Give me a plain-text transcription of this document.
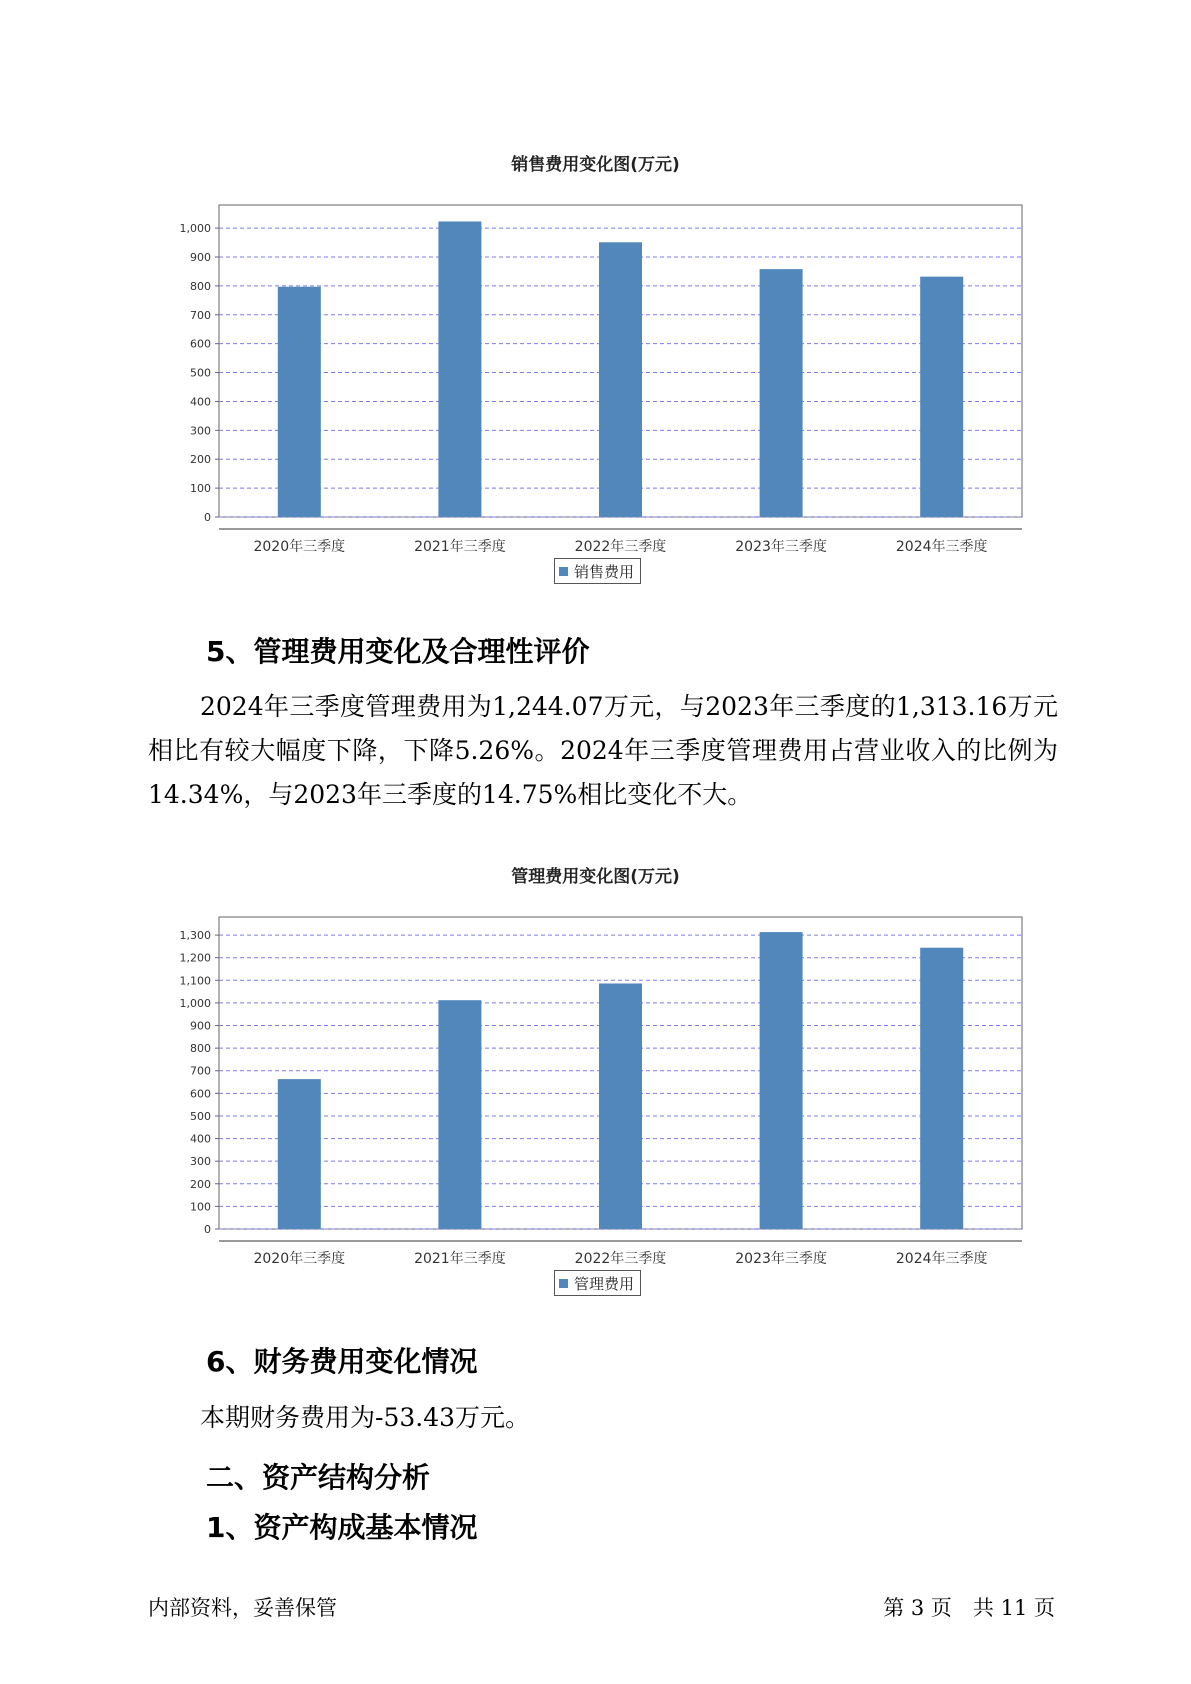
销售费用变化图(万元)
0
100
200
300
400
500
600
700
800
900
1,000
2020年三季度	2021年三季度	2022年三季度	2023年三季度	2024年三季度
销售费用
5、管理费用变化及合理性评价
2024年三季度管理费用为1,244.07万元，与2023年三季度的1,313.16万元相比有较大幅度下降，下降5.26%。2024年三季度管理费用占营业收入的比例为14.34%，与2023年三季度的14.75%相比变化不大。
管理费用变化图(万元)
0
100
200
300
400
500
600
700
800
900
1,000
1,100
1,200
1,300
2020年三季度	2021年三季度	2022年三季度	2023年三季度	2024年三季度
管理费用
6、财务费用变化情况
本期财务费用为-53.43万元。
二、资产结构分析
1、资产构成基本情况
内部资料，妥善保管	第 3 页　共 11 页
